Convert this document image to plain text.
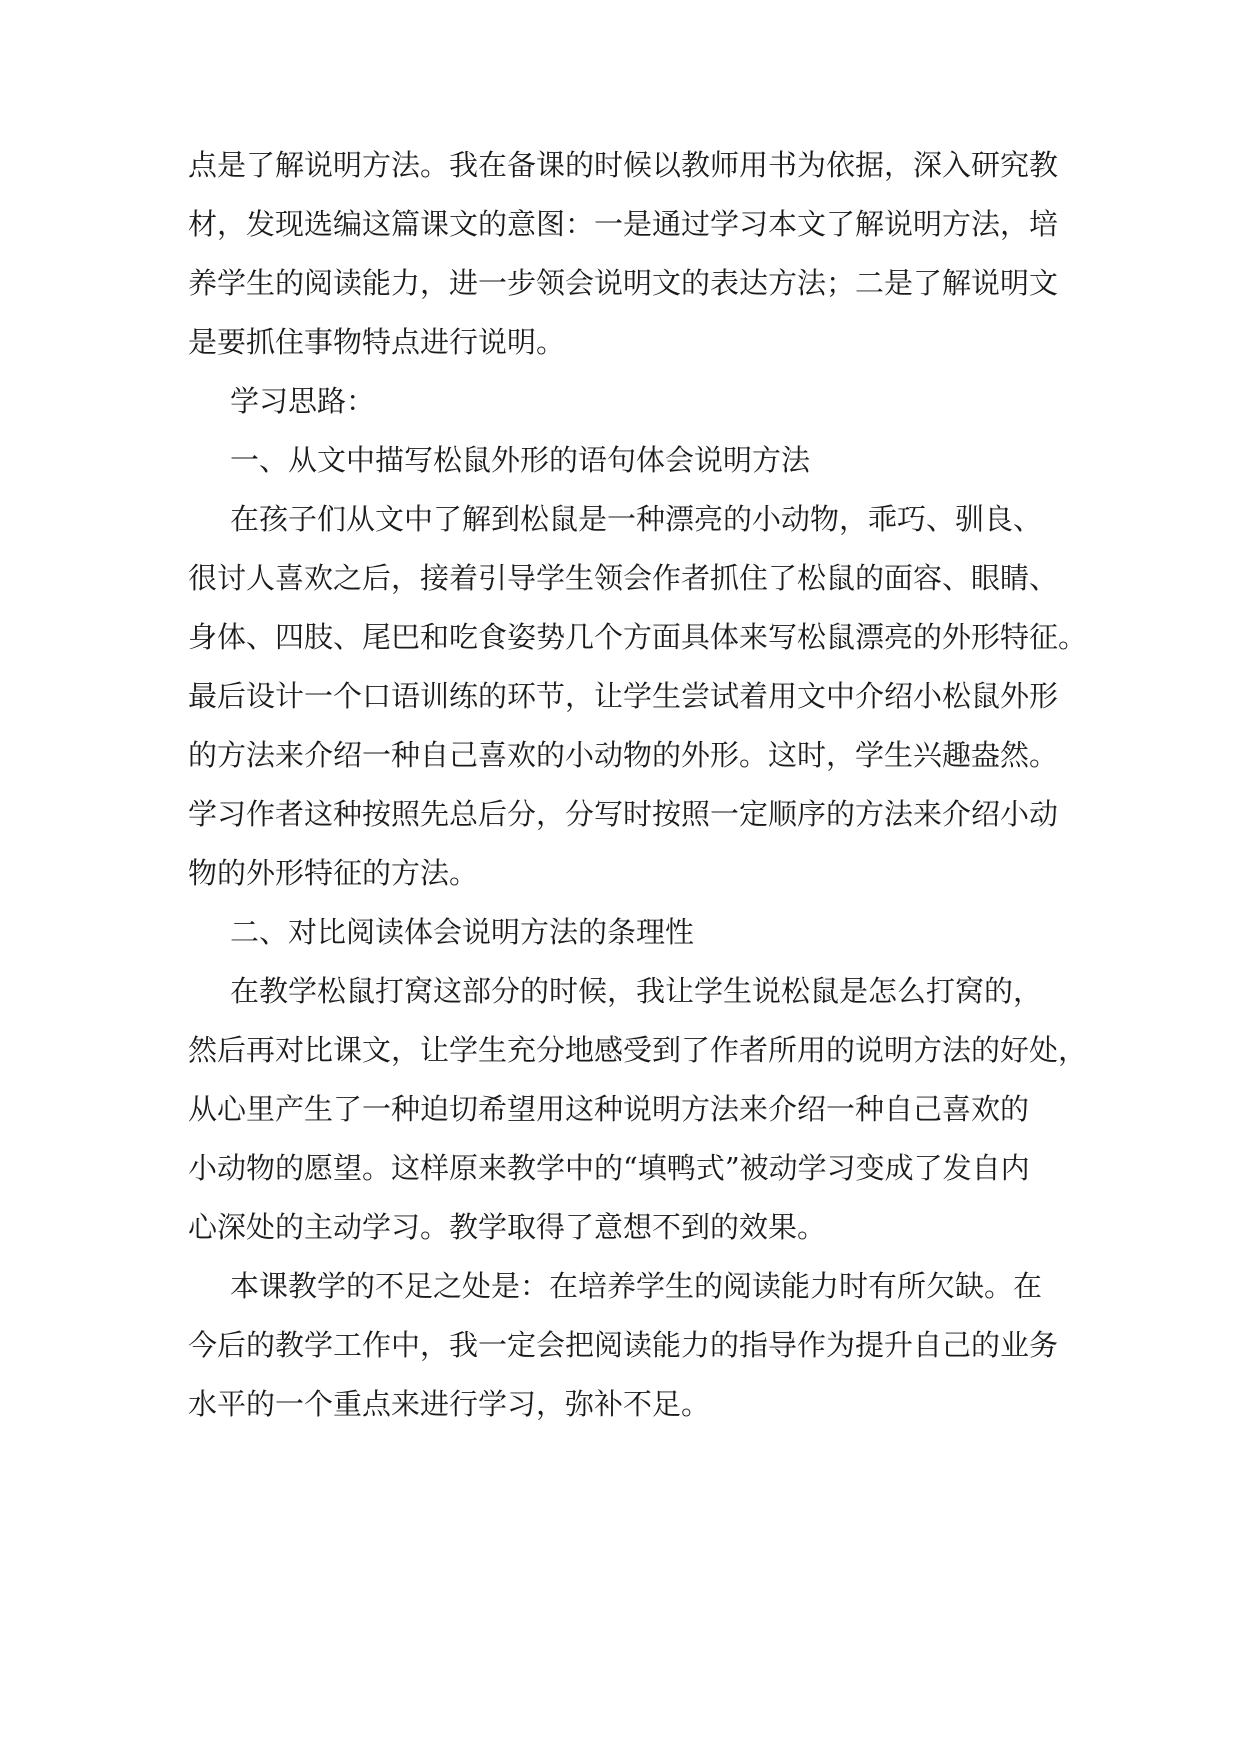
点是了解说明方法。我在备课的时候以教师用书为依据，深入研究教
材，发现选编这篇课文的意图：一是通过学习本文了解说明方法，培
养学生的阅读能力，进一步领会说明文的表达方法；二是了解说明文
是要抓住事物特点进行说明。
学习思路：
一、从文中描写松鼠外形的语句体会说明方法
在孩子们从文中了解到松鼠是一种漂亮的小动物，乖巧、驯良、
很讨人喜欢之后，接着引导学生领会作者抓住了松鼠的面容、眼睛、
身体、四肢、尾巴和吃食姿势几个方面具体来写松鼠漂亮的外形特征。
最后设计一个口语训练的环节，让学生尝试着用文中介绍小松鼠外形
的方法来介绍一种自己喜欢的小动物的外形。这时，学生兴趣盎然。
学习作者这种按照先总后分，分写时按照一定顺序的方法来介绍小动
物的外形特征的方法。
二、对比阅读体会说明方法的条理性
在教学松鼠打窝这部分的时候，我让学生说松鼠是怎么打窝的，
然后再对比课文，让学生充分地感受到了作者所用的说明方法的好处，
从心里产生了一种迫切希望用这种说明方法来介绍一种自己喜欢的
小动物的愿望。这样原来教学中的“填鸭式”被动学习变成了发自内
心深处的主动学习。教学取得了意想不到的效果。
本课教学的不足之处是：在培养学生的阅读能力时有所欠缺。在
今后的教学工作中，我一定会把阅读能力的指导作为提升自己的业务
水平的一个重点来进行学习，弥补不足。
